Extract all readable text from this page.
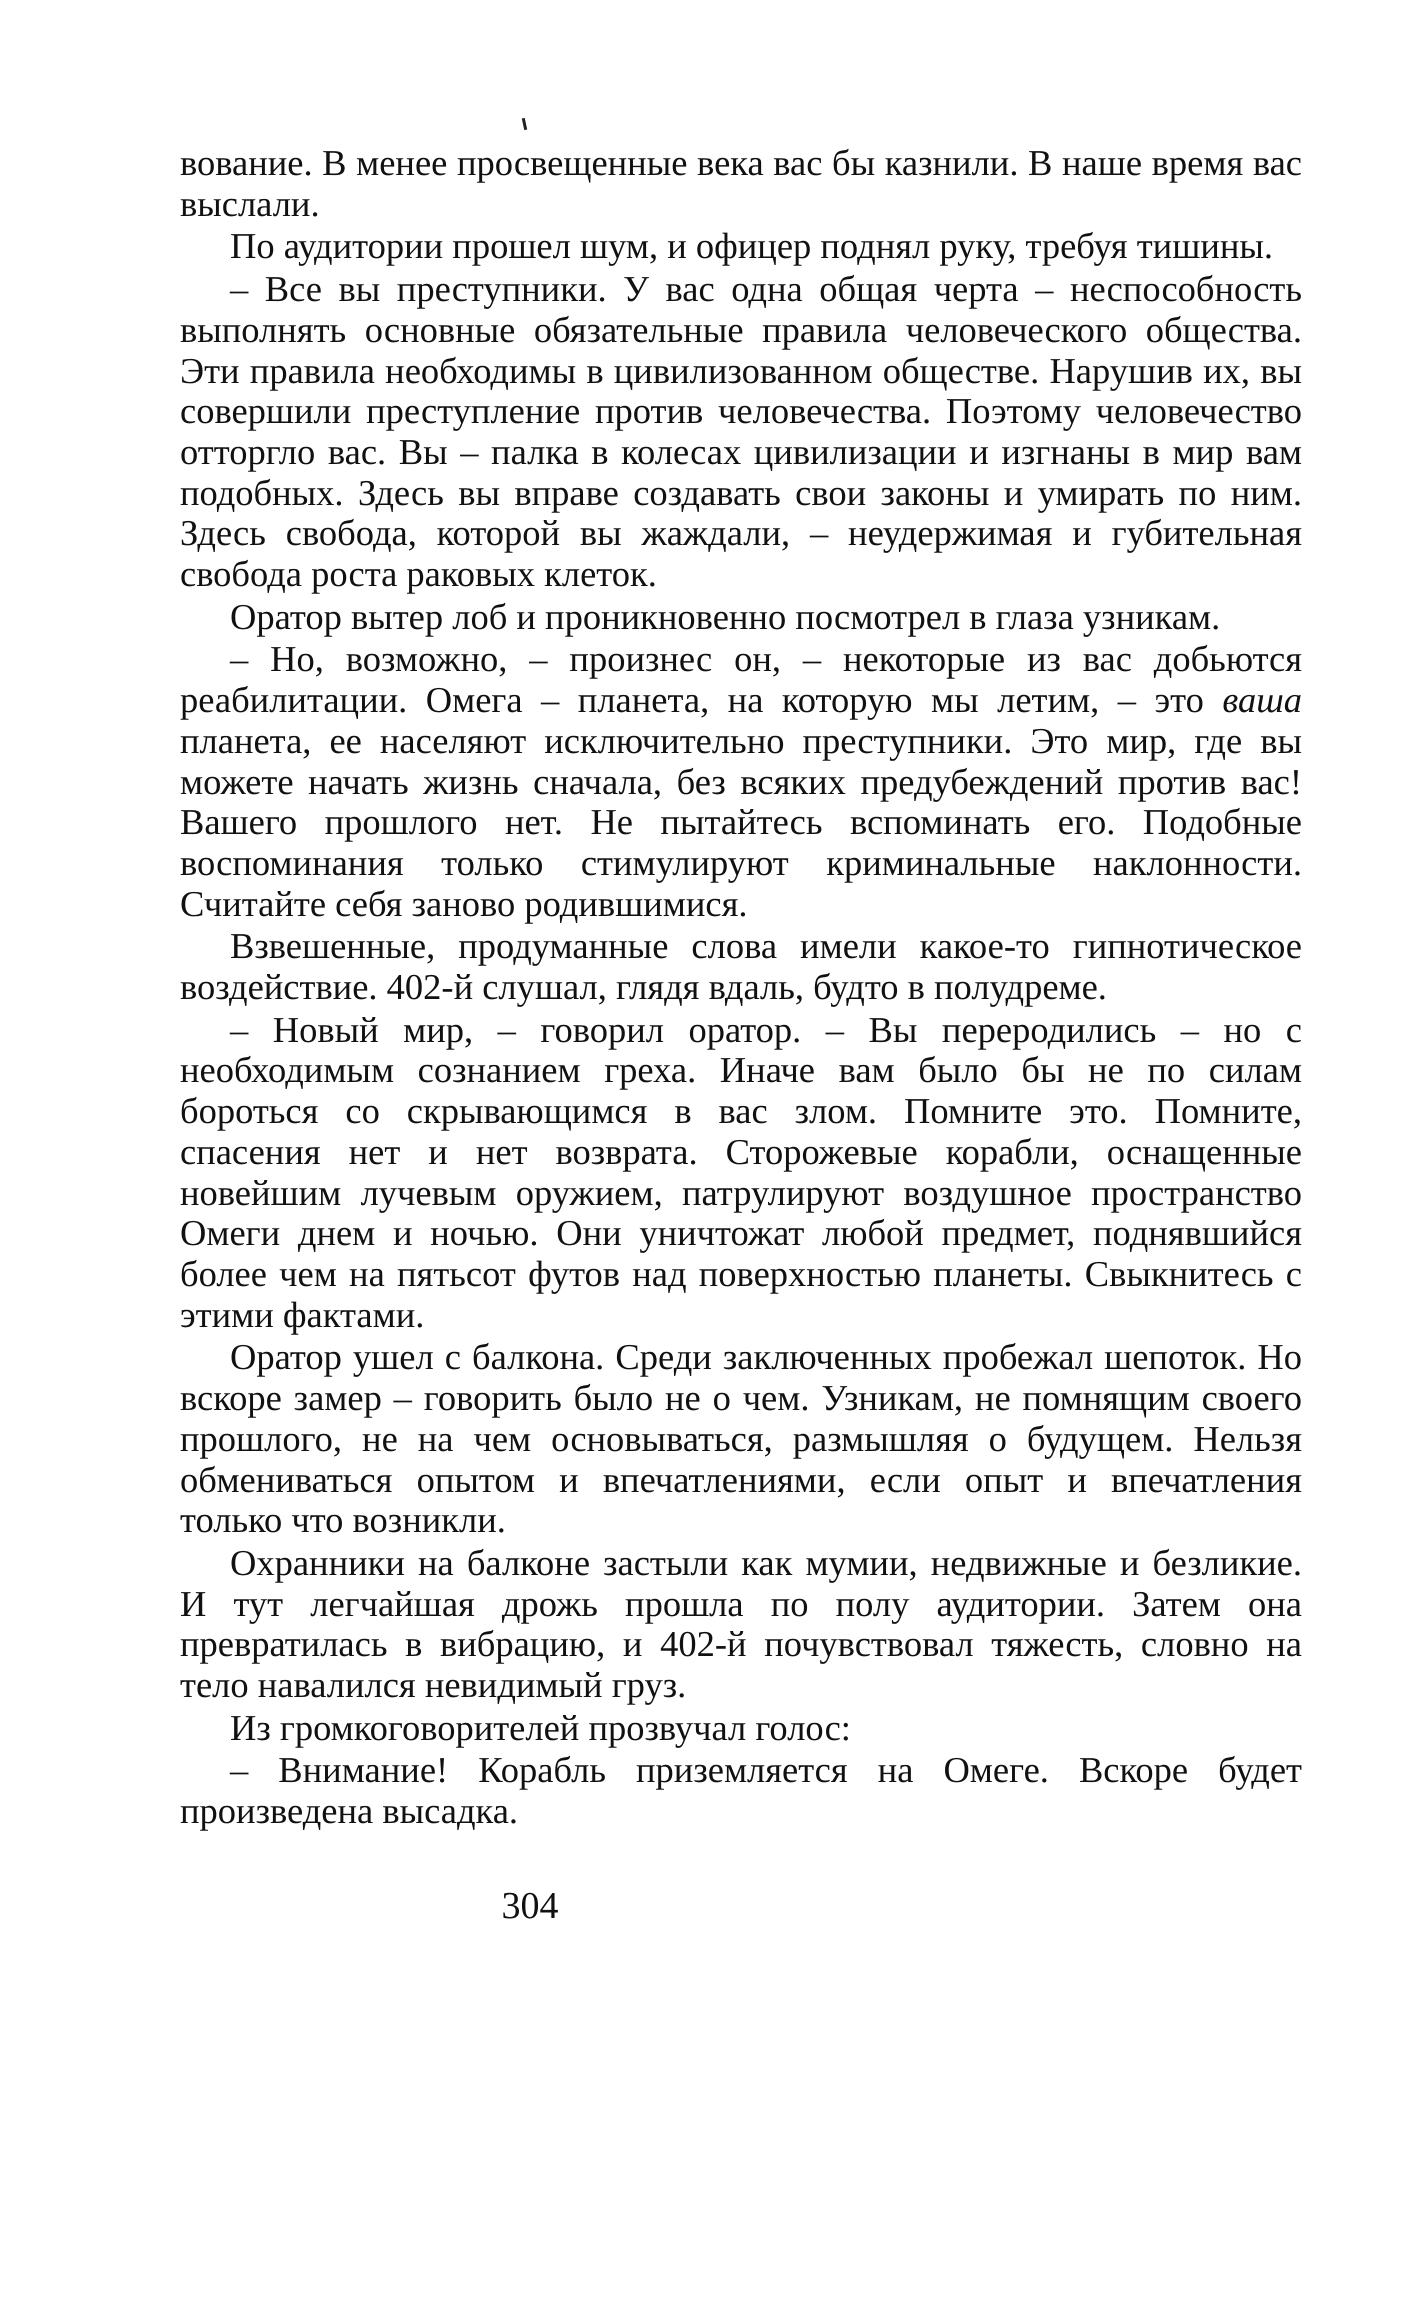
вование. В менее просвещенные века вас бы казнили. В наше время вас выслали.

По аудитории прошел шум, и офицер поднял руку, требуя тишины.

– Все вы преступники. У вас одна общая черта – неспособность выполнять основные обязательные правила человеческого общества. Эти правила необходимы в цивилизованном обществе. Нарушив их, вы совершили преступление против человечества. Поэтому человечество отторгло вас. Вы – палка в колесах цивилизации и изгнаны в мир вам подобных. Здесь вы вправе создавать свои законы и умирать по ним. Здесь свобода, которой вы жаждали, – неудержимая и губительная свобода роста раковых клеток.

Оратор вытер лоб и проникновенно посмотрел в глаза узникам.

– Но, возможно, – произнес он, – некоторые из вас добьются реабилитации. Омега – планета, на которую мы летим, – это ваша планета, ее населяют исключительно преступники. Это мир, где вы можете начать жизнь сначала, без всяких предубеждений против вас! Вашего прошлого нет. Не пытайтесь вспоминать его. Подобные воспоминания только стимулируют криминальные наклонности. Считайте себя заново родившимися.

Взвешенные, продуманные слова имели какое-то гипнотическое воздействие. 402-й слушал, глядя вдаль, будто в полудреме.

– Новый мир, – говорил оратор. – Вы переродились – но с необходимым сознанием греха. Иначе вам было бы не по силам бороться со скрывающимся в вас злом. Помните это. Помните, спасения нет и нет возврата. Сторожевые корабли, оснащенные новейшим лучевым оружием, патрулируют воздушное пространство Омеги днем и ночью. Они уничтожат любой предмет, поднявшийся более чем на пятьсот футов над поверхностью планеты. Свыкнитесь с этими фактами.

Оратор ушел с балкона. Среди заключенных пробежал шепоток. Но вскоре замер – говорить было не о чем. Узникам, не помнящим своего прошлого, не на чем основываться, размышляя о будущем. Нельзя обмениваться опытом и впечатлениями, если опыт и впечатления только что возникли.

Охранники на балконе застыли как мумии, недвижные и безликие. И тут легчайшая дрожь прошла по полу аудитории. Затем она превратилась в вибрацию, и 402-й почувствовал тяжесть, словно на тело навалился невидимый груз.

Из громкоговорителей прозвучал голос:

– Внимание! Корабль приземляется на Омеге. Вскоре будет произведена высадка.

304
